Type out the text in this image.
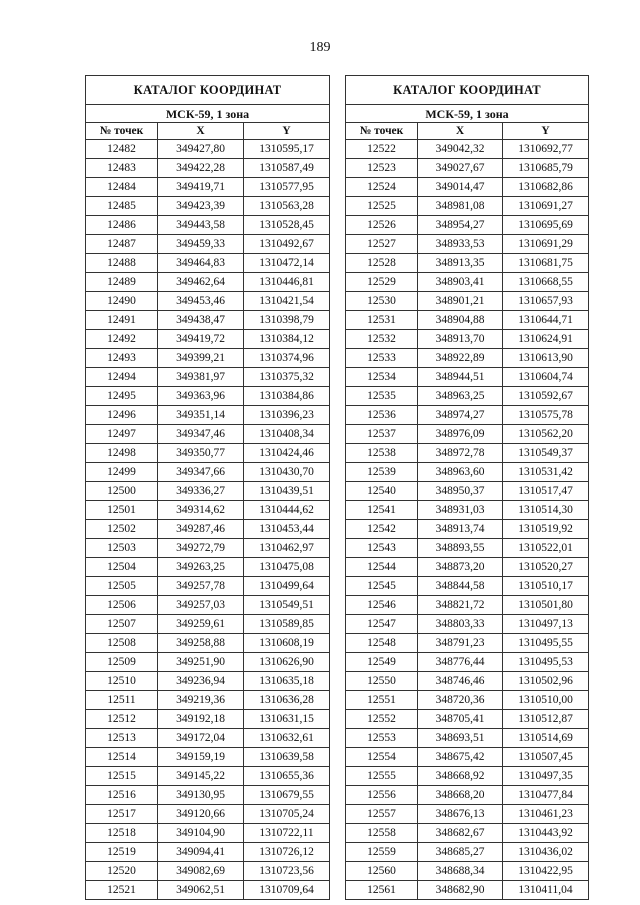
189
КАТАЛОГ КООРДИНАТ		
МСК-59, 1 зона		
№ точек	X	Y
12482	349427,80	1310595,17
12483	349422,28	1310587,49
12484	349419,71	1310577,95
12485	349423,39	1310563,28
12486	349443,58	1310528,45
12487	349459,33	1310492,67
12488	349464,83	1310472,14
12489	349462,64	1310446,81
12490	349453,46	1310421,54
12491	349438,47	1310398,79
12492	349419,72	1310384,12
12493	349399,21	1310374,96
12494	349381,97	1310375,32
12495	349363,96	1310384,86
12496	349351,14	1310396,23
12497	349347,46	1310408,34
12498	349350,77	1310424,46
12499	349347,66	1310430,70
12500	349336,27	1310439,51
12501	349314,62	1310444,62
12502	349287,46	1310453,44
12503	349272,79	1310462,97
12504	349263,25	1310475,08
12505	349257,78	1310499,64
12506	349257,03	1310549,51
12507	349259,61	1310589,85
12508	349258,88	1310608,19
12509	349251,90	1310626,90
12510	349236,94	1310635,18
12511	349219,36	1310636,28
12512	349192,18	1310631,15
12513	349172,04	1310632,61
12514	349159,19	1310639,58
12515	349145,22	1310655,36
12516	349130,95	1310679,55
12517	349120,66	1310705,24
12518	349104,90	1310722,11
12519	349094,41	1310726,12
12520	349082,69	1310723,56
12521	349062,51	1310709,64
КАТАЛОГ КООРДИНАТ		
МСК-59, 1 зона		
№ точек	X	Y
12522	349042,32	1310692,77
12523	349027,67	1310685,79
12524	349014,47	1310682,86
12525	348981,08	1310691,27
12526	348954,27	1310695,69
12527	348933,53	1310691,29
12528	348913,35	1310681,75
12529	348903,41	1310668,55
12530	348901,21	1310657,93
12531	348904,88	1310644,71
12532	348913,70	1310624,91
12533	348922,89	1310613,90
12534	348944,51	1310604,74
12535	348963,25	1310592,67
12536	348974,27	1310575,78
12537	348976,09	1310562,20
12538	348972,78	1310549,37
12539	348963,60	1310531,42
12540	348950,37	1310517,47
12541	348931,03	1310514,30
12542	348913,74	1310519,92
12543	348893,55	1310522,01
12544	348873,20	1310520,27
12545	348844,58	1310510,17
12546	348821,72	1310501,80
12547	348803,33	1310497,13
12548	348791,23	1310495,55
12549	348776,44	1310495,53
12550	348746,46	1310502,96
12551	348720,36	1310510,00
12552	348705,41	1310512,87
12553	348693,51	1310514,69
12554	348675,42	1310507,45
12555	348668,92	1310497,35
12556	348668,20	1310477,84
12557	348676,13	1310461,23
12558	348682,67	1310443,92
12559	348685,27	1310436,02
12560	348688,34	1310422,95
12561	348682,90	1310411,04
